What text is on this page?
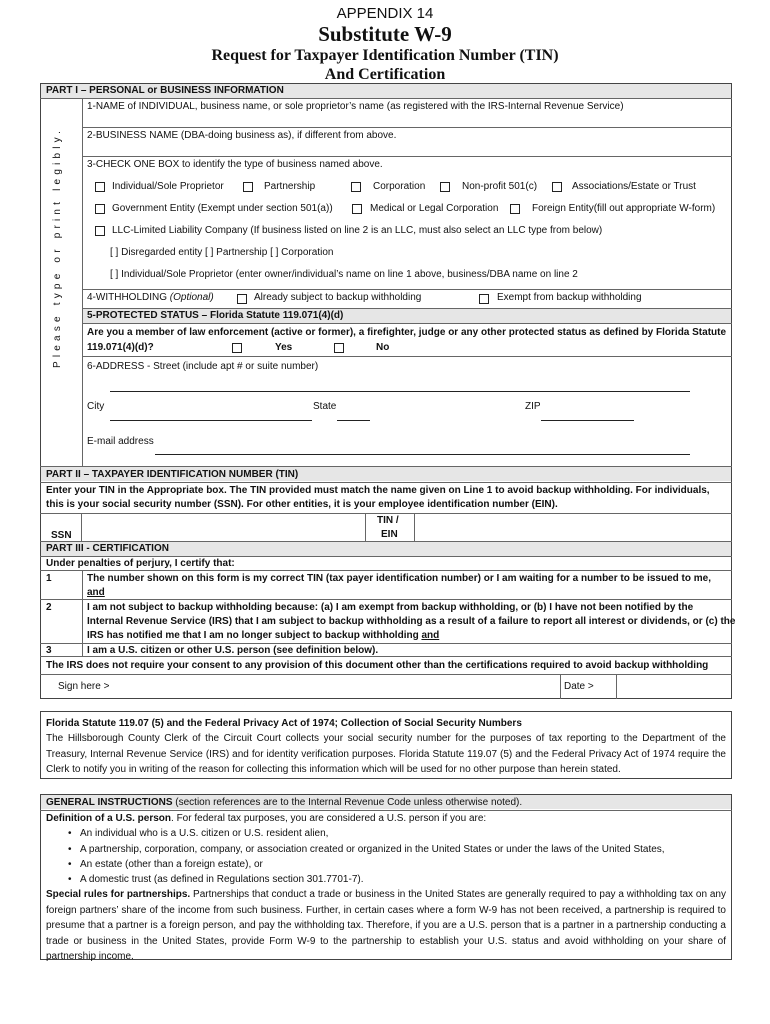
APPENDIX 14
Substitute W-9
Request for Taxpayer Identification Number (TIN)
And Certification
PART I – PERSONAL or BUSINESS INFORMATION
Please type or print legibly.
1-NAME of INDIVIDUAL, business name, or sole proprietor’s name (as registered with the IRS-Internal Revenue Service)
2-BUSINESS NAME (DBA-doing business as), if different from above.
3-CHECK ONE BOX to identify the type of business named above.
Individual/Sole Proprietor	Partnership	Corporation	Non-profit 501(c)	Associations/Estate or Trust
Government Entity (Exempt under section 501(a))	Medical or Legal Corporation	Foreign Entity(fill out appropriate W-form)
LLC-Limited Liability Company (If business listed on line 2 is an LLC, must also select an LLC type from below)
[ ] Disregarded entity [ ] Partnership [ ] Corporation
[ ] Individual/Sole Proprietor (enter owner/individual’s name on line 1 above, business/DBA name on line 2
4-WITHHOLDING (Optional)	Already subject to backup withholding	Exempt from backup withholding
5-PROTECTED STATUS – Florida Statute 119.071(4)(d)
Are you a member of law enforcement (active or former), a firefighter, judge or any other protected status as defined by Florida Statute
119.071(4)(d)?	Yes	No
6-ADDRESS - Street (include apt # or suite number)
City	State	ZIP
E-mail address
PART II – TAXPAYER IDENTIFICATION NUMBER (TIN)
Enter your TIN in the Appropriate box. The TIN provided must match the name given on Line 1 to avoid backup withholding. For individuals,
this is your social security number (SSN). For other entities, it is your employee identification number (EIN).
SSN
TIN /
EIN
PART III - CERTIFICATION
Under penalties of perjury, I certify that:
1	The number shown on this form is my correct TIN (tax payer identification number) or I am waiting for a number to be issued to me,
and
2	I am not subject to backup withholding because: (a) I am exempt from backup withholding, or (b) I have not been notified by the
Internal Revenue Service (IRS) that I am subject to backup withholding as a result of a failure to report all interest or dividends, or (c) the
IRS has notified me that I am no longer subject to backup withholding and
3	I am a U.S. citizen or other U.S. person (see definition below).
The IRS does not require your consent to any provision of this document other than the certifications required to avoid backup withholding
Sign here >	Date >
Florida Statute 119.07 (5) and the Federal Privacy Act of 1974; Collection of Social Security Numbers
The Hillsborough County Clerk of the Circuit Court collects your social security number for the purposes of tax reporting to the Department of the Treasury, Internal Revenue Service (IRS) and for identity verification purposes. Florida Statute 119.07 (5) and the Federal Privacy Act of 1974 require the Clerk to notify you in writing of the reason for collecting this information which will be used for no other purpose than herein stated.
GENERAL INSTRUCTIONS (section references are to the Internal Revenue Code unless otherwise noted).
Definition of a U.S. person. For federal tax purposes, you are considered a U.S. person if you are:
• An individual who is a U.S. citizen or U.S. resident alien,
• A partnership, corporation, company, or association created or organized in the United States or under the laws of the United States,
• An estate (other than a foreign estate), or
• A domestic trust (as defined in Regulations section 301.7701-7).
Special rules for partnerships. Partnerships that conduct a trade or business in the United States are generally required to pay a withholding tax on any foreign partners’ share of the income from such business. Further, in certain cases where a form W-9 has not been received, a partnership is required to presume that a partner is a foreign person, and pay the withholding tax. Therefore, if you are a U.S. person that is a partner in a partnership conducting a trade or business in the United States, provide Form W-9 to the partnership to establish your U.S. status and avoid withholding on your share of partnership income.
